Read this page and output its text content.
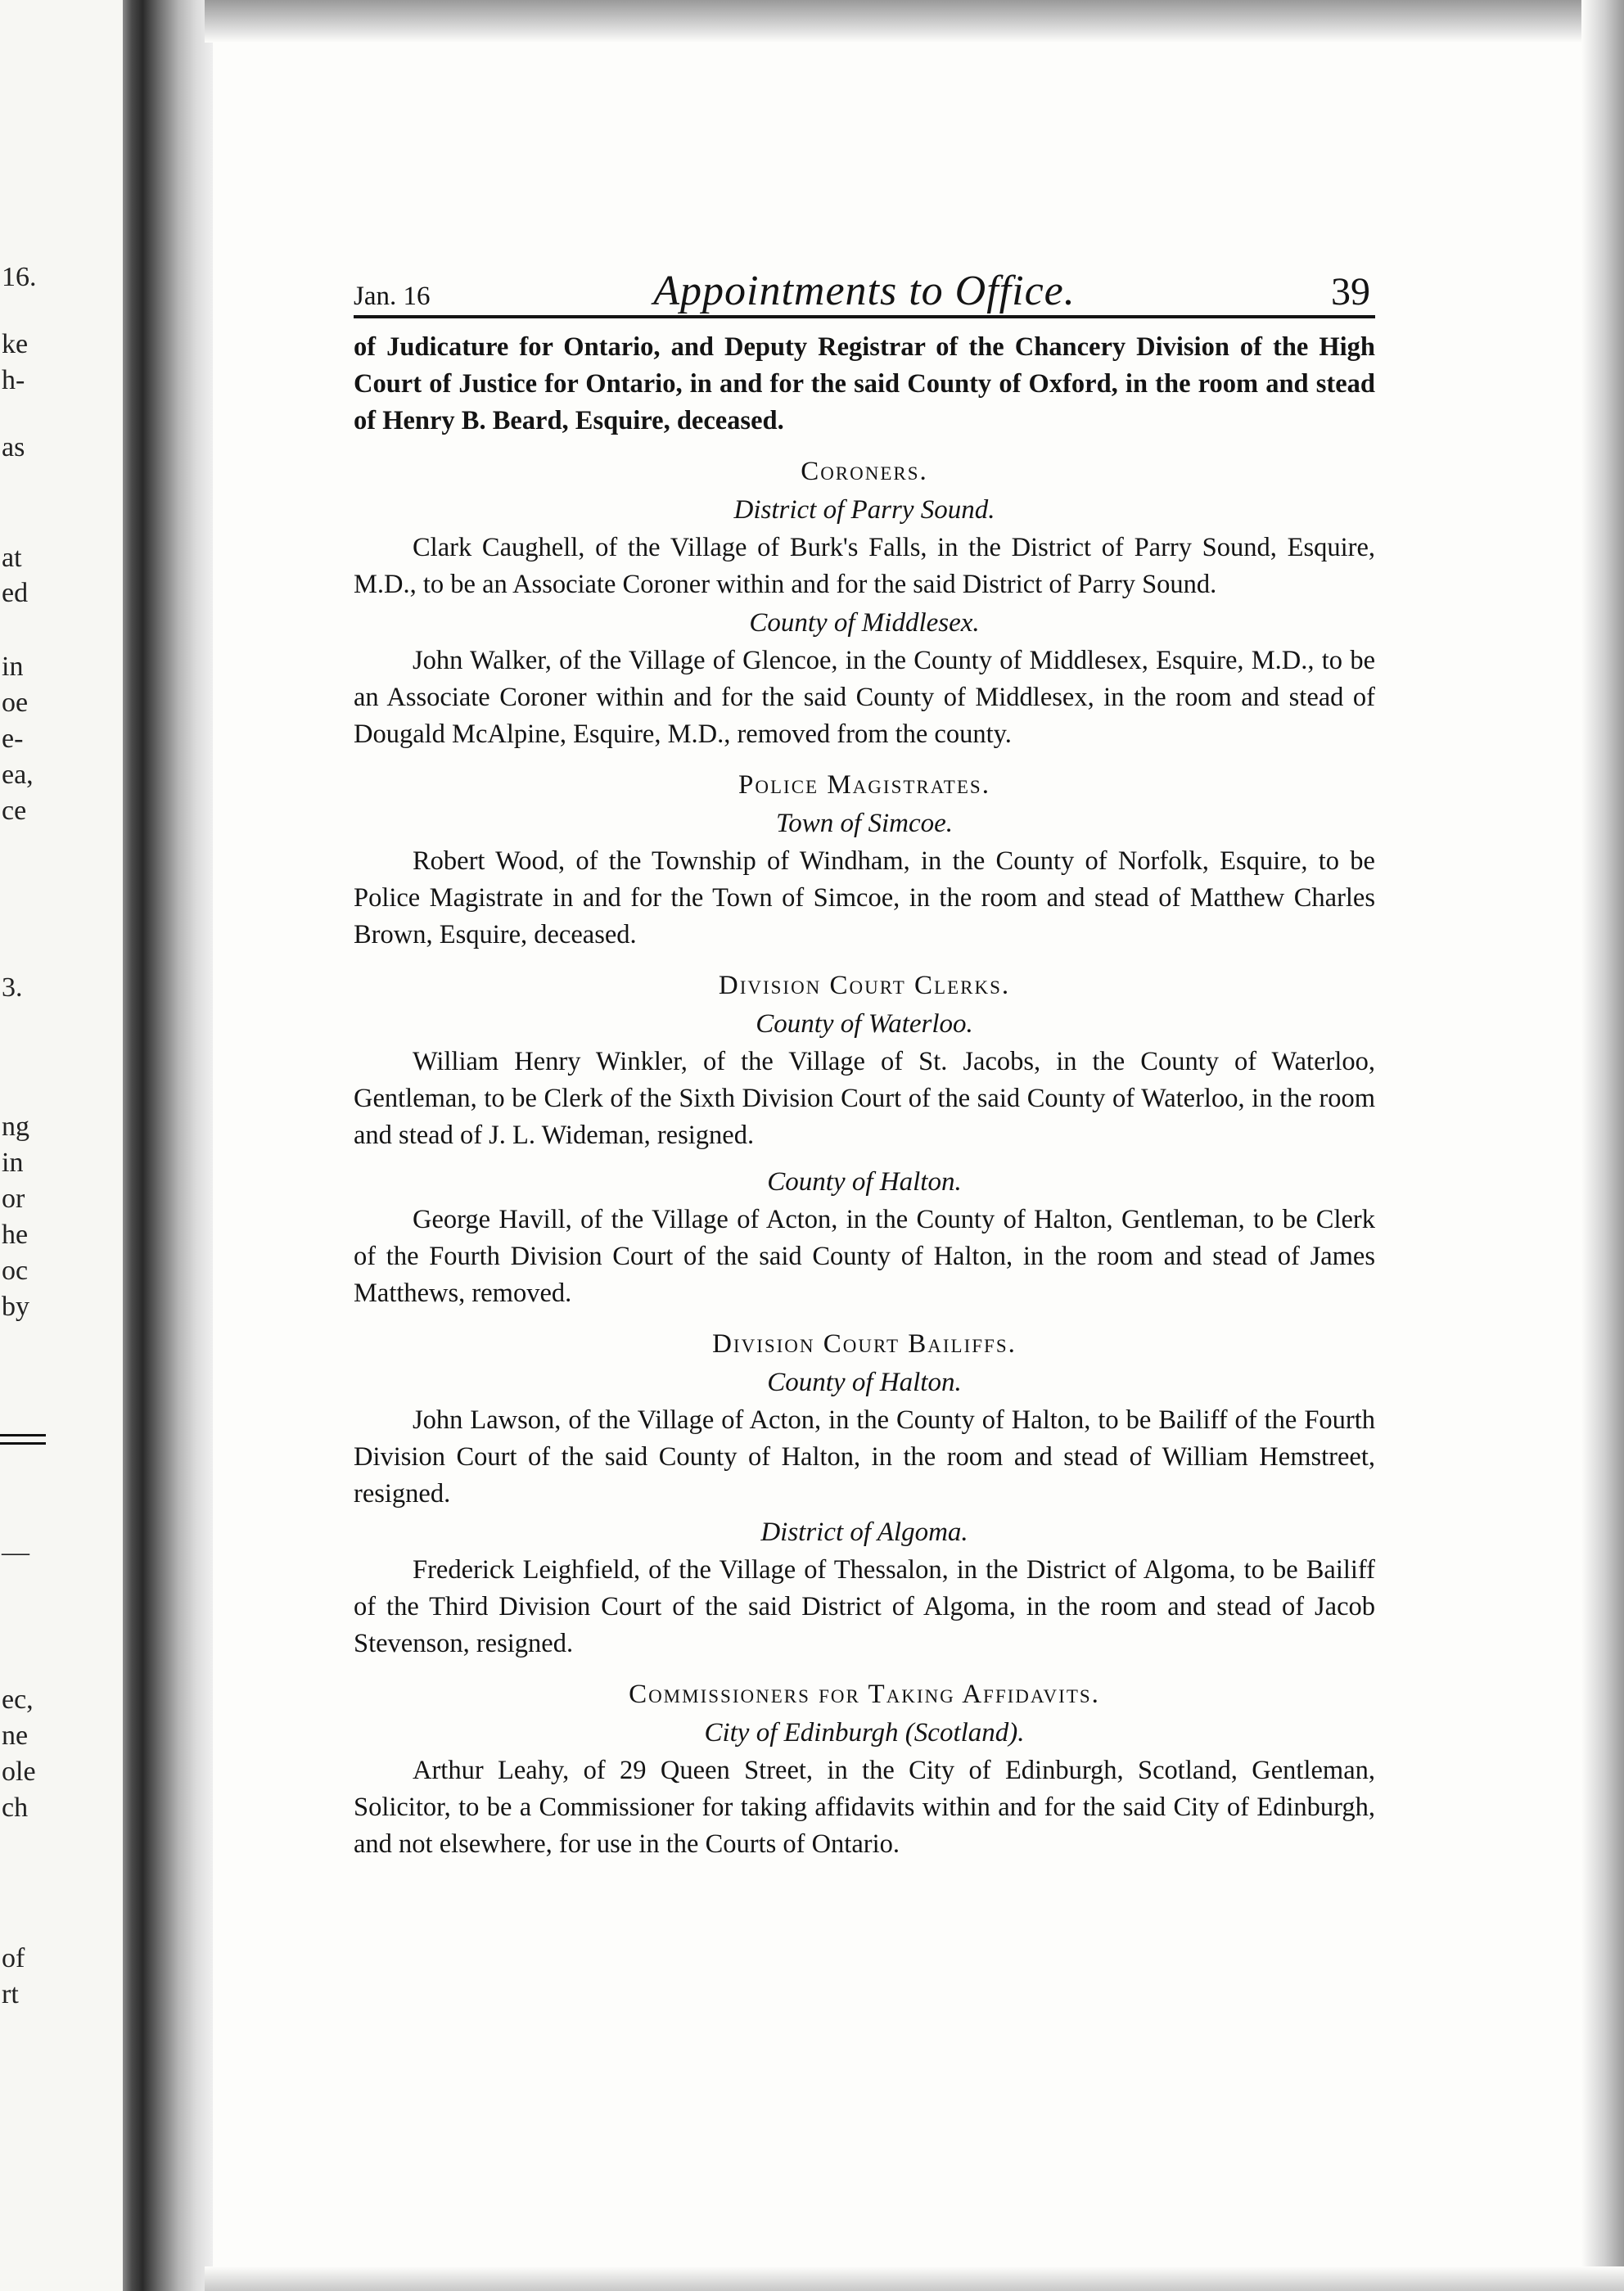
16.
ke
h-
as
at
ed
in
oe
e-
ea,
ce
3.
ng
in
or
he
oc
by
—
ec,
ne
ole
ch
of
rt
Jan. 16	Appointments to Office.	39

of Judicature for Ontario, and Deputy Registrar of the Chancery Division of the High Court of Justice for Ontario, in and for the said County of Oxford, in the room and stead of Henry B. Beard, Esquire, deceased.

Coroners.
District of Parry Sound.

Clark Caughell, of the Village of Burk's Falls, in the District of Parry Sound, Esquire, M.D., to be an Associate Coroner within and for the said District of Parry Sound.

County of Middlesex.

John Walker, of the Village of Glencoe, in the County of Middlesex, Esquire, M.D., to be an Associate Coroner within and for the said County of Middlesex, in the room and stead of Dougald McAlpine, Esquire, M.D., removed from the county.

Police Magistrates.
Town of Simcoe.

Robert Wood, of the Township of Windham, in the County of Norfolk, Esquire, to be Police Magistrate in and for the Town of Simcoe, in the room and stead of Matthew Charles Brown, Esquire, deceased.

Division Court Clerks.
County of Waterloo.

William Henry Winkler, of the Village of St. Jacobs, in the County of Waterloo, Gentleman, to be Clerk of the Sixth Division Court of the said County of Waterloo, in the room and stead of J. L. Wideman, resigned.

County of Halton.

George Havill, of the Village of Acton, in the County of Halton, Gentleman, to be Clerk of the Fourth Division Court of the said County of Halton, in the room and stead of James Matthews, removed.

Division Court Bailiffs.
County of Halton.

John Lawson, of the Village of Acton, in the County of Halton, to be Bailiff of the Fourth Division Court of the said County of Halton, in the room and stead of William Hemstreet, resigned.

District of Algoma.

Frederick Leighfield, of the Village of Thessalon, in the District of Algoma, to be Bailiff of the Third Division Court of the said District of Algoma, in the room and stead of Jacob Stevenson, resigned.

Commissioners for Taking Affidavits.
City of Edinburgh (Scotland).

Arthur Leahy, of 29 Queen Street, in the City of Edinburgh, Scotland, Gentleman, Solicitor, to be a Commissioner for taking affidavits within and for the said City of Edinburgh, and not elsewhere, for use in the Courts of Ontario.
